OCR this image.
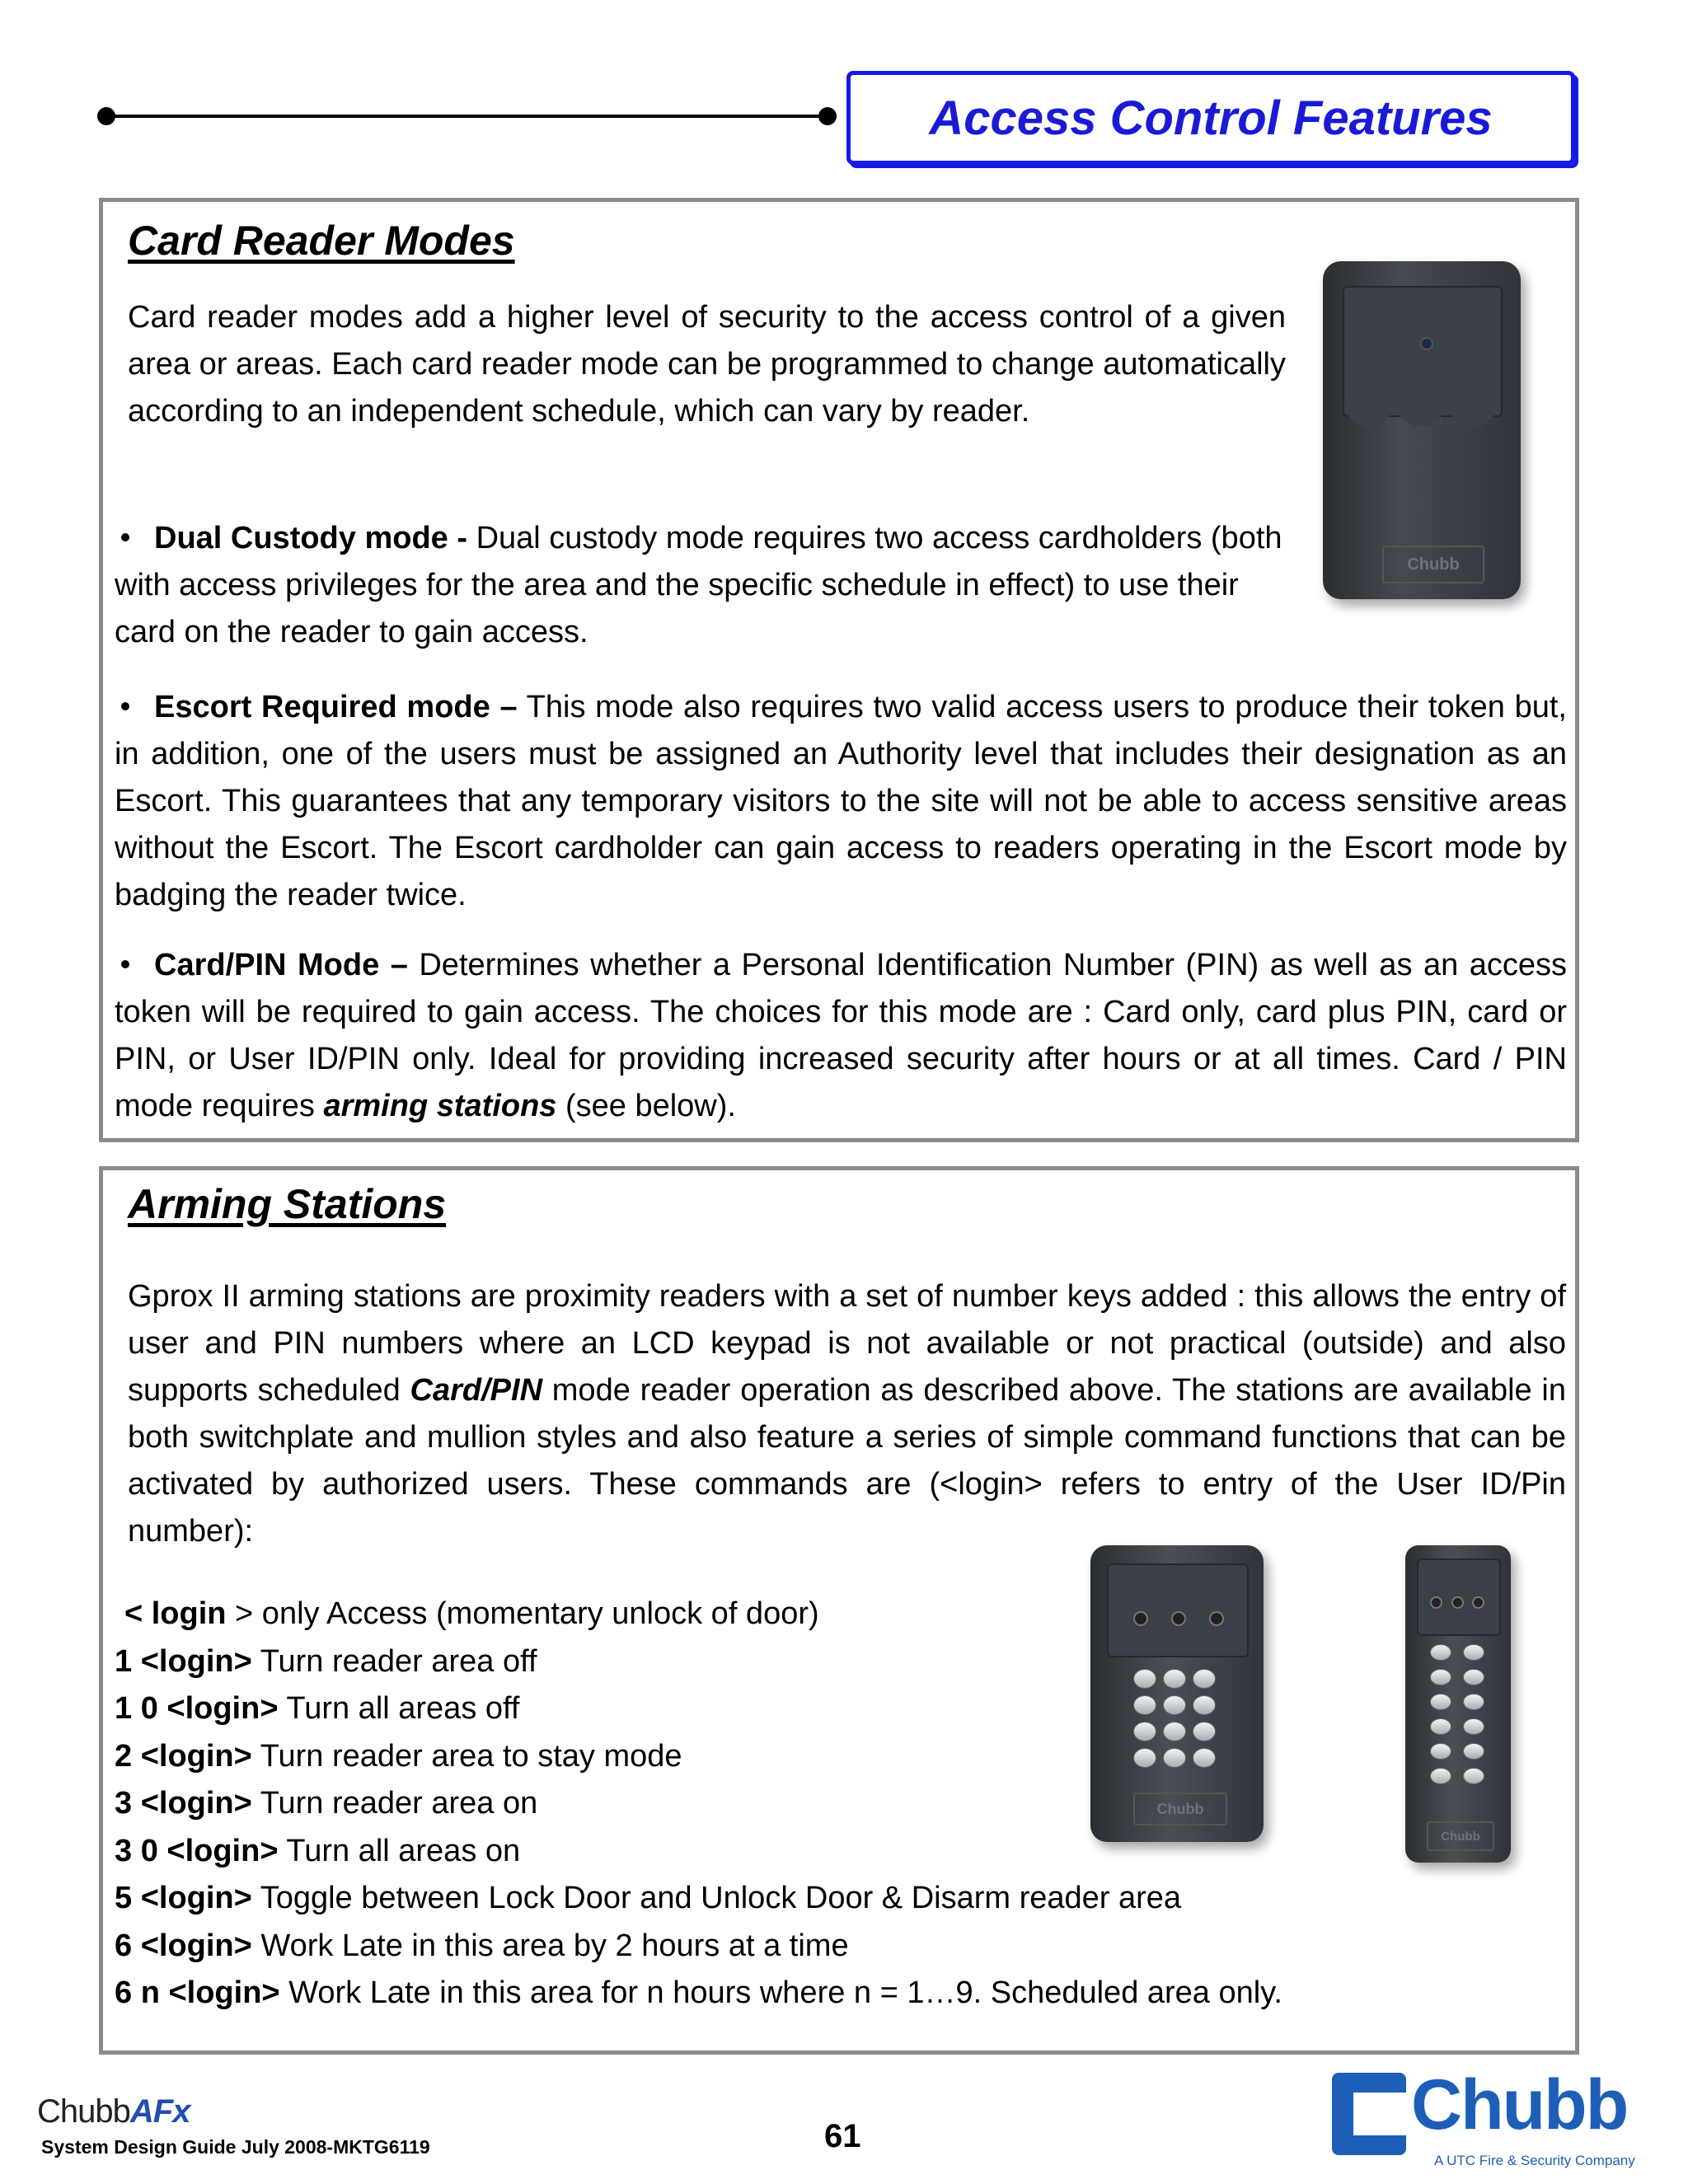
Access Control Features
Card Reader Modes
Card reader modes add a higher level of security to the access control of a given area or areas. Each card reader mode can be programmed to change automatically according to an independent schedule, which can vary by reader.
Dual Custody mode - Dual custody mode requires two access cardholders (both with access privileges for the area and the specific schedule in effect) to use their card on the reader to gain access.
Escort Required mode – This mode also requires two valid access users to produce their token but, in addition, one of the users must be assigned an Authority level that includes their designation as an Escort. This guarantees that any temporary visitors to the site will not be able to access sensitive areas without the Escort. The Escort cardholder can gain access to readers operating in the Escort mode by badging the reader twice.
Card/PIN Mode – Determines whether a Personal Identification Number (PIN) as well as an access token will be required to gain access. The choices for this mode are : Card only, card plus PIN, card or PIN, or User ID/PIN only. Ideal for providing increased security after hours or at all times. Card / PIN mode requires arming stations (see below).
Chubb
Arming Stations
Gprox II arming stations are proximity readers with a set of number keys added : this allows the entry of user and PIN numbers where an LCD keypad is not available or not practical (outside) and also supports scheduled Card/PIN mode reader operation as described above. The stations are available in both switchplate and mullion styles and also feature a series of simple command functions that can be activated by authorized users. These commands are (<login> refers to entry of the User ID/Pin number):
< login > only Access (momentary unlock of door)
1 <login> Turn reader area off
1 0 <login> Turn all areas off
2 <login> Turn reader area to stay mode
3 <login> Turn reader area on
3 0 <login> Turn all areas on
5 <login> Toggle between Lock Door and Unlock Door & Disarm reader area
6 <login> Work Late in this area by 2 hours at a time
6 n <login> Work Late in this area for n hours where n = 1…9. Scheduled area only.
Chubb
Chubb
ChubbAFx
System Design Guide July 2008-MKTG6119	61	Chubb
A UTC Fire & Security Company
